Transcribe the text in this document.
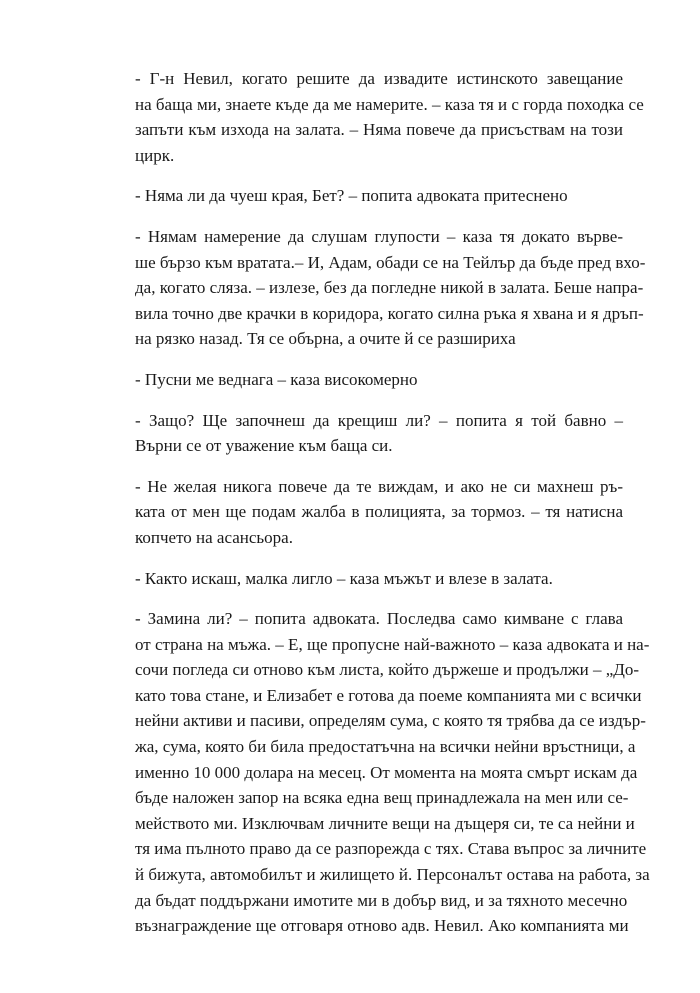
- Г-н Невил, когато решите да извадите истинското завещание
на баща ми, знаете къде да ме намерите. – каза тя и с горда походка се
запъти към изхода на залата. – Няма повече да присъствам на този
цирк.
- Няма ли да чуеш края, Бет? – попита адвоката притеснено
- Нямам намерение да слушам глупости – каза тя докато върве-
ше бързо към вратата.– И, Адам, обади се на Тейлър да бъде пред вхо-
да, когато сляза. – излезе, без да погледне никой в залата. Беше напра-
вила точно две крачки в коридора, когато силна ръка я хвана и я дръп-
на рязко назад. Тя се обърна, а очите й се разшириха
- Пусни ме веднага – каза високомерно
- Защо? Ще започнеш да крещиш ли? – попита я той бавно –
Върни се от уважение към баща си.
- Не желая никога повече да те виждам, и ако не си махнеш ръ-
ката от мен ще подам жалба в полицията, за тормоз. – тя натисна
копчето на асансьора.
- Както искаш, малка лигло – каза мъжът и влезе в залата.
- Замина ли? – попита адвоката. Последва само кимване с глава
от страна на мъжа. – Е, ще пропусне най-важното – каза адвоката и на-
сочи погледа си отново към листа, който държеше и продължи – „До-
като това стане, и Елизабет е готова да поеме компанията ми с всички
нейни активи и пасиви, определям сума, с която тя трябва да се издър-
жа, сума, която би била предостатъчна на всички нейни връстници, а
именно 10 000 долара на месец. От момента на моята смърт искам да
бъде наложен запор на всяка една вещ принадлежала на мен или се-
мейството ми. Изключвам личните вещи на дъщеря си, те са нейни и
тя има пълното право да се разпорежда с тях. Става въпрос за личните
й бижута, автомобилът и жилището й. Персоналът остава на работа, за
да бъдат поддържани имотите ми в добър вид, и за тяхното месечно
възнаграждение ще отговаря отново адв. Невил. Ако компанията ми
